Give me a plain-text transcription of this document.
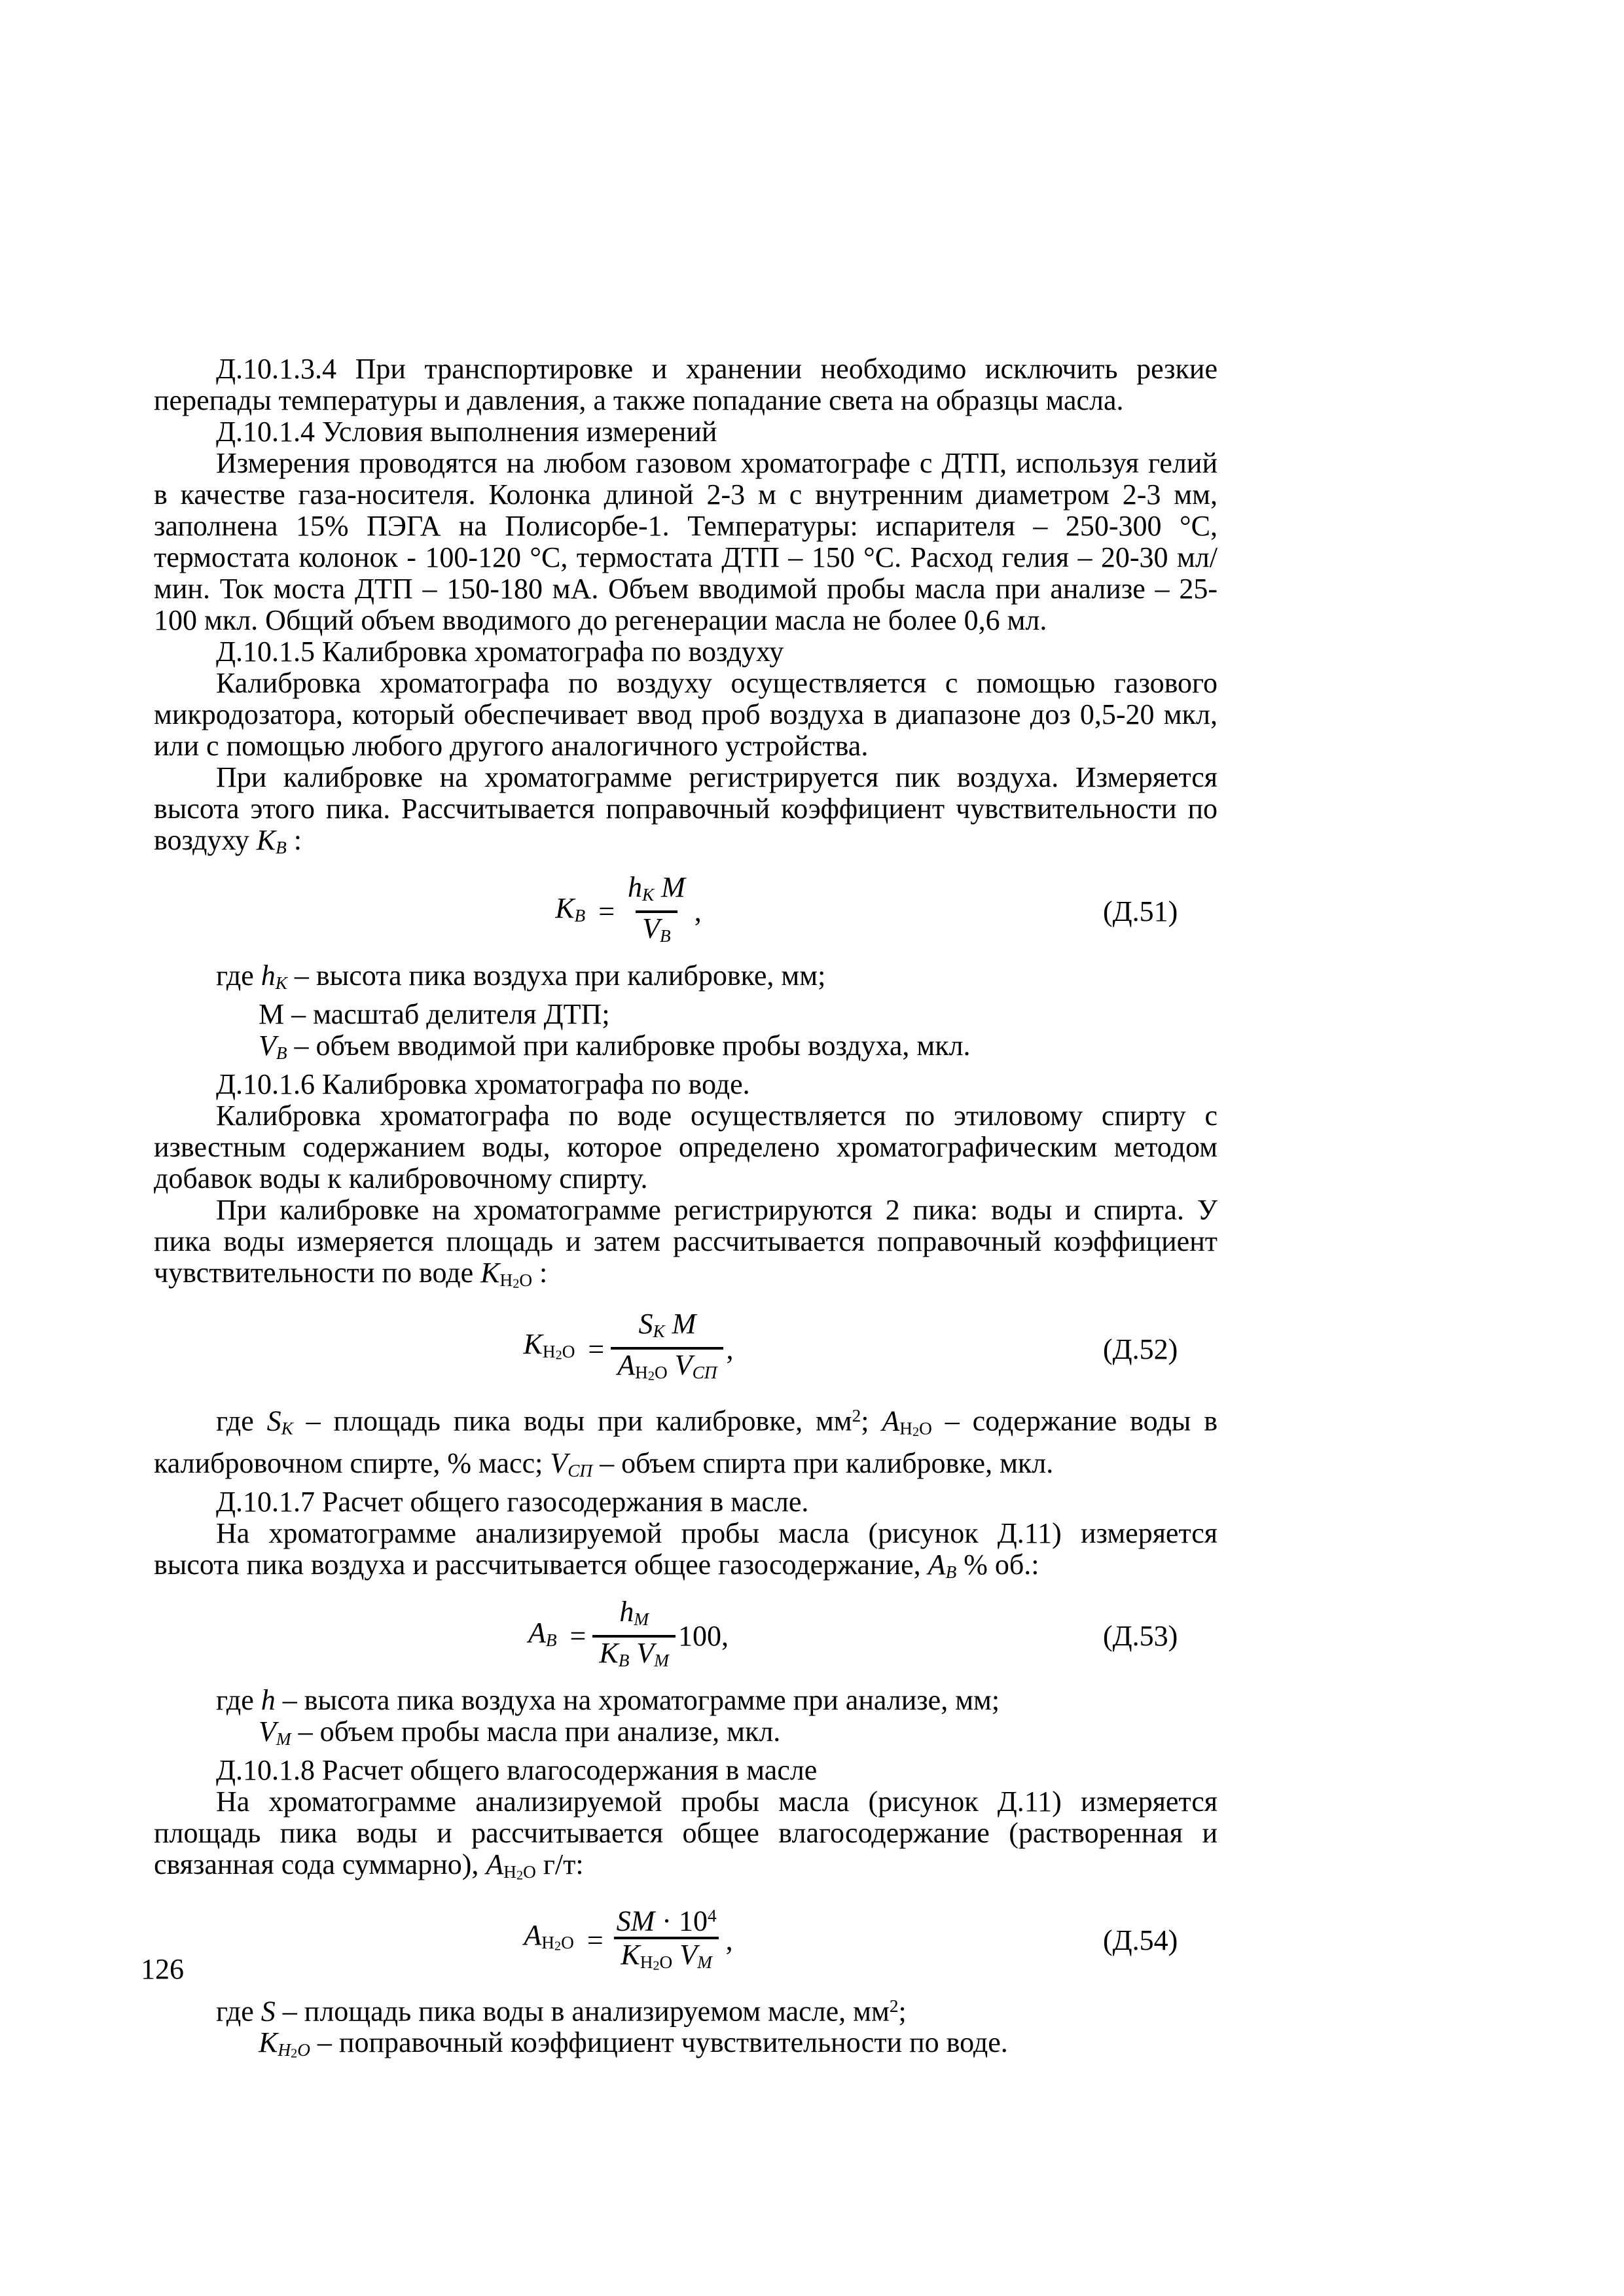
Д.10.1.3.4 При транспортировке и хранении необходимо исключить резкие перепады температуры и давления, а также попадание света на образцы масла.
Д.10.1.4 Условия выполнения измерений
Измерения проводятся на любом газовом хроматографе с ДТП, используя гелий в качестве газа-носителя. Колонка длиной 2-3 м с внутренним диаметром 2-3 мм, заполнена 15% ПЭГА на Полисорбе-1. Температуры: испарителя – 250-300 °С, термостата колонок - 100-120 °С, термостата ДТП – 150 °С. Расход гелия – 20-30 мл/мин. Ток моста ДТП – 150-180 мА. Объем вводимой пробы масла при анализе – 25-100 мкл. Общий объем вводимого до регенерации масла не более 0,6 мл.
Д.10.1.5 Калибровка хроматографа по воздуху
Калибровка хроматографа по воздуху осуществляется с помощью газового микродозатора, который обеспечивает ввод проб воздуха в диапазоне доз 0,5-20 мкл, или с помощью любого другого аналогичного устройства.
При калибровке на хроматограмме регистрируется пик воздуха. Измеряется высота этого пика. Рассчитывается поправочный коэффициент чувствительности по воздуху KВ :
KВ = $\frac{\text{hК М}}{VВ}$ ,	(Д.51)
где hК – высота пика воздуха при калибровке, мм;
М – масштаб делителя ДТП;
VВ – объем вводимой при калибровке пробы воздуха, мкл.
Д.10.1.6 Калибровка хроматографа по воде.
Калибровка хроматографа по воде осуществляется по этиловому спирту с известным содержанием воды, которое определено хроматографическим методом добавок воды к калибровочному спирту.
При калибровке на хроматограмме регистрируются 2 пика: воды и спирта. У пика воды измеряется площадь и затем рассчитывается поправочный коэффициент чувствительности по воде KН2О :
$KН2О = \frac{\text{SК М}}{\text{АН2О VСП}}$ ,	(Д.52)
где SК – площадь пика воды при калибровке, $мм^2$; АН2О – содержание воды в калибровочном спирте, % масс; VСП – объем спирта при калибровке, мкл.
Д.10.1.7 Расчет общего газосодержания в масле.
На хроматограмме анализируемой пробы масла (рисунок Д.11) измеряется высота пика воздуха и рассчитывается общее газосодержание, АВ % об.:
АВ = $\frac{hМ}{\text{KВ VМ}} 100$,	(Д.53)
где h – высота пика воздуха на хроматограмме при анализе, мм;
VМ – объем пробы масла при анализе, мкл.
Д.10.1.8 Расчет общего влагосодержания в масле
На хроматограмме анализируемой пробы масла (рисунок Д.11) измеряется площадь пика воды и рассчитывается общее влагосодержание (растворенная и связанная сода суммарно), АН2О г/т:
$АН2О = \frac{SМ \cdot 10^4}{\text{KН2О VМ}}$ ,	(Д.54)
где S – площадь пика воды в анализируемом масле, $мм^2$;
KН2О – поправочный коэффициент чувствительности по воде.
126
